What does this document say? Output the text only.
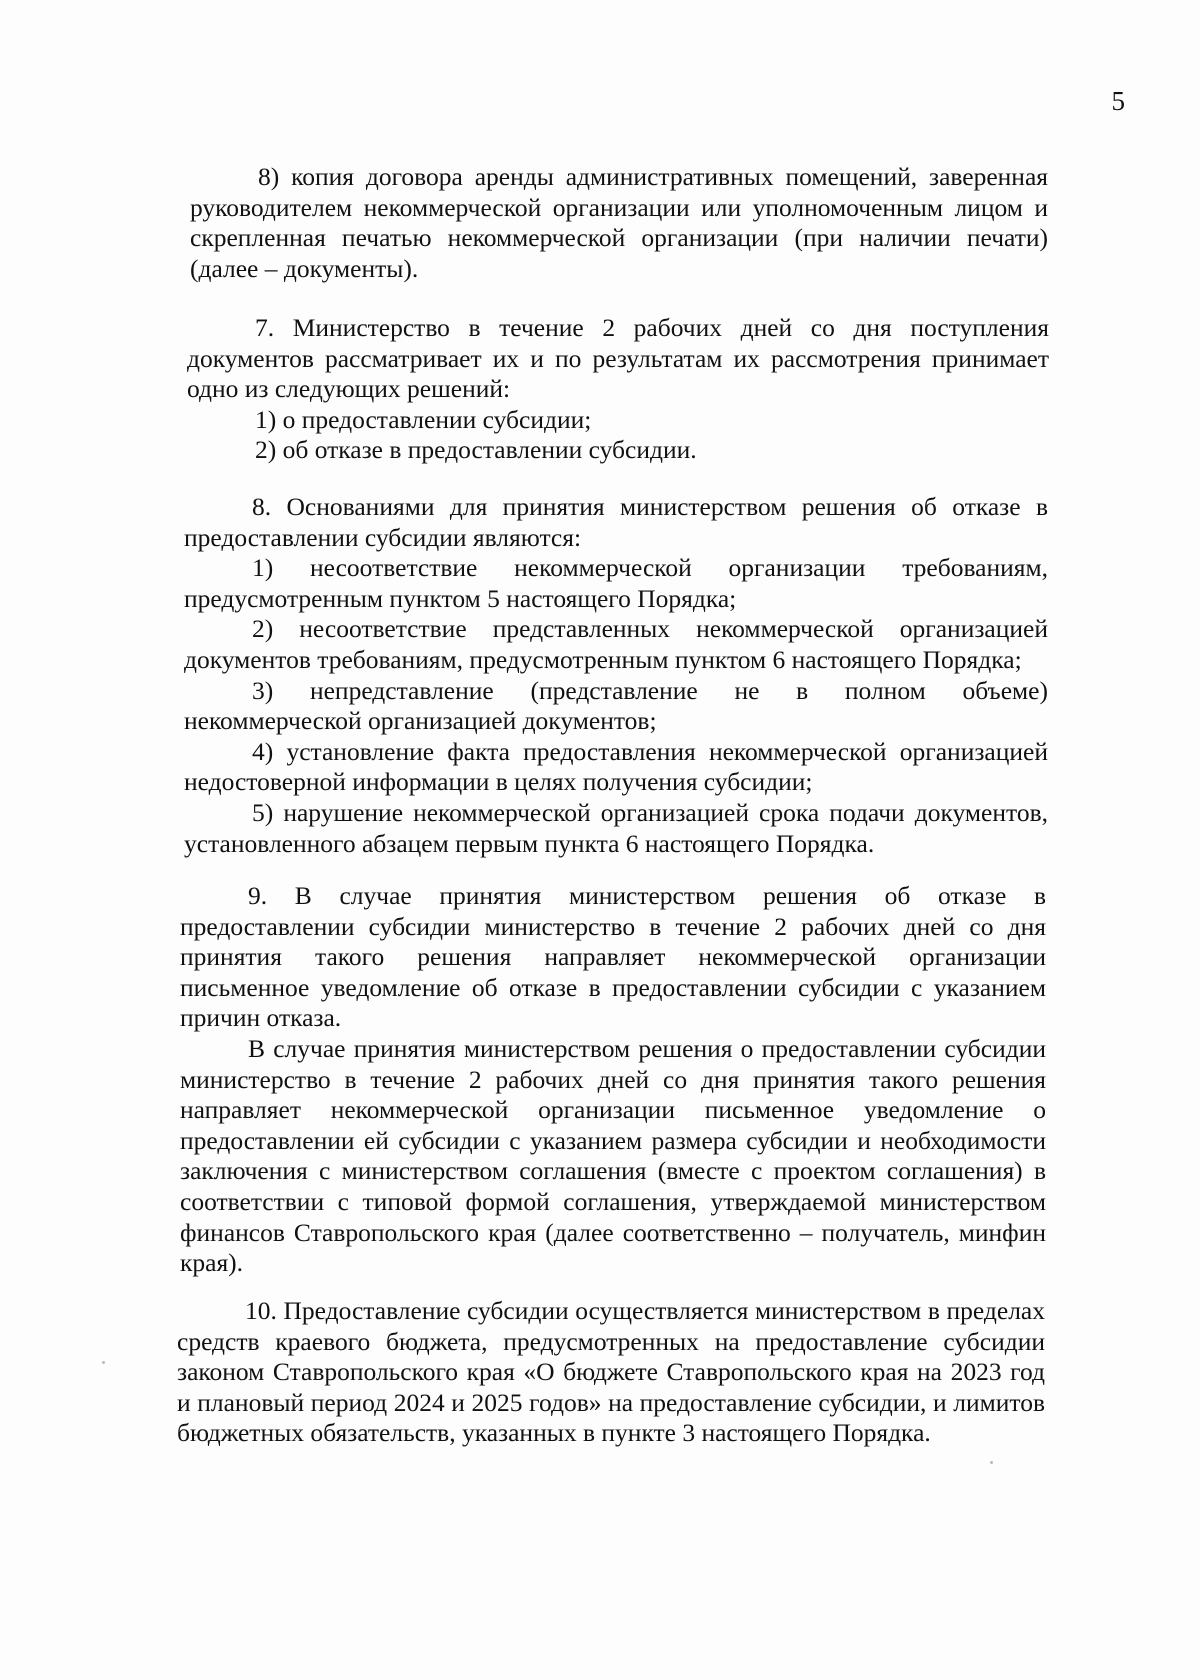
5

8) копия договора аренды административных помещений, заверенная руководителем некоммерческой организации или уполномоченным лицом и скрепленная печатью некоммерческой организации (при наличии печати) (далее – документы).

7. Министерство в течение 2 рабочих дней со дня поступления документов рассматривает их и по результатам их рассмотрения принимает одно из следующих решений:

1) о предоставлении субсидии;

2) об отказе в предоставлении субсидии.

8. Основаниями для принятия министерством решения об отказе в предоставлении субсидии являются:

1) несоответствие некоммерческой организации требованиям, предусмотренным пунктом 5 настоящего Порядка;

2) несоответствие представленных некоммерческой организацией документов требованиям, предусмотренным пунктом 6 настоящего Порядка;

3) непредставление (представление не в полном объеме) некоммерческой организацией документов;

4) установление факта предоставления некоммерческой организацией недостоверной информации в целях получения субсидии;

5) нарушение некоммерческой организацией срока подачи документов, установленного абзацем первым пункта 6 настоящего Порядка.

9. В случае принятия министерством решения об отказе в предоставлении субсидии министерство в течение 2 рабочих дней со дня принятия такого решения направляет некоммерческой организации письменное уведомление об отказе в предоставлении субсидии с указанием причин отказа.

В случае принятия министерством решения о предоставлении субсидии министерство в течение 2 рабочих дней со дня принятия такого решения направляет некоммерческой организации письменное уведомление о предоставлении ей субсидии с указанием размера субсидии и необходимости заключения с министерством соглашения (вместе с проектом соглашения) в соответствии с типовой формой соглашения, утверждаемой министерством финансов Ставропольского края (далее соответственно – получатель, минфин края).

10. Предоставление субсидии осуществляется министерством в пределах средств краевого бюджета, предусмотренных на предоставление субсидии законом Ставропольского края «О бюджете Ставропольского края на 2023 год и плановый период 2024 и 2025 годов» на предоставление субсидии, и лимитов бюджетных обязательств, указанных в пункте 3 настоящего Порядка.
